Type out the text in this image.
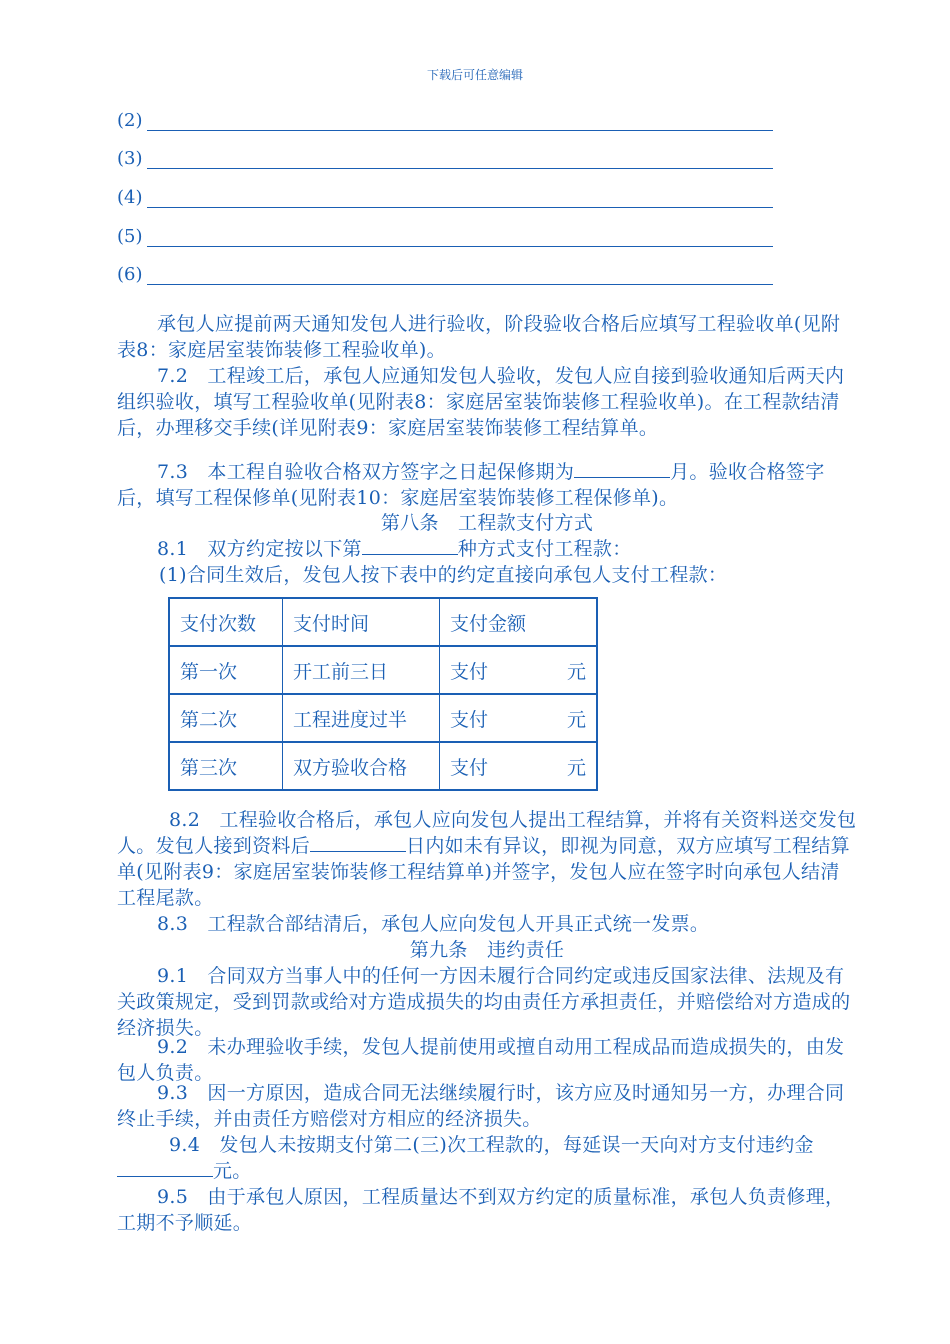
下载后可任意编辑
(2)
(3)
(4)
(5)
(6)

承包人应提前两天通知发包人进行验收，阶段验收合格后应填写工程验收单(见附表8：家庭居室装饰装修工程验收单)。

7.2　工程竣工后，承包人应通知发包人验收，发包人应自接到验收通知后两天内组织验收，填写工程验收单(见附表8：家庭居室装饰装修工程验收单)。在工程款结清后，办理移交手续(详见附表9：家庭居室装饰装修工程结算单。

7.3　本工程自验收合格双方签字之日起保修期为	月。验收合格签字后，填写工程保修单(见附表10：家庭居室装饰装修工程保修单)。

第八条　工程款支付方式

8.1　双方约定按以下第	种方式支付工程款：

(1)合同生效后，发包人按下表中的约定直接向承包人支付工程款：

支付次数	支付时间	支付金额
第一次	开工前三日	支付 元

第二次	工程进度过半	支付 元

第三次	双方验收合格	支付 元

8.2　工程验收合格后，承包人应向发包人提出工程结算，并将有关资料送交发包人。发包人接到资料后	日内如未有异议，即视为同意，双方应填写工程结算单(见附表9：家庭居室装饰装修工程结算单)并签字，发包人应在签字时向承包人结清工程尾款。

8.3　工程款合部结清后，承包人应向发包人开具正式统一发票。

第九条　违约责任

9.1　合同双方当事人中的任何一方因未履行合同约定或违反国家法律、法规及有关政策规定，受到罚款或给对方造成损失的均由责任方承担责任，并赔偿给对方造成的经济损失。

9.2　未办理验收手续，发包人提前使用或擅自动用工程成品而造成损失的，由发包人负责。

9.3　因一方原因，造成合同无法继续履行时，该方应及时通知另一方，办理合同终止手续，并由责任方赔偿对方相应的经济损失。

9.4　发包人未按期支付第二(三)次工程款的，每延误一天向对方支付违约金元。

9.5　由于承包人原因，工程质量达不到双方约定的质量标准，承包人负责修理，工期不予顺延。
